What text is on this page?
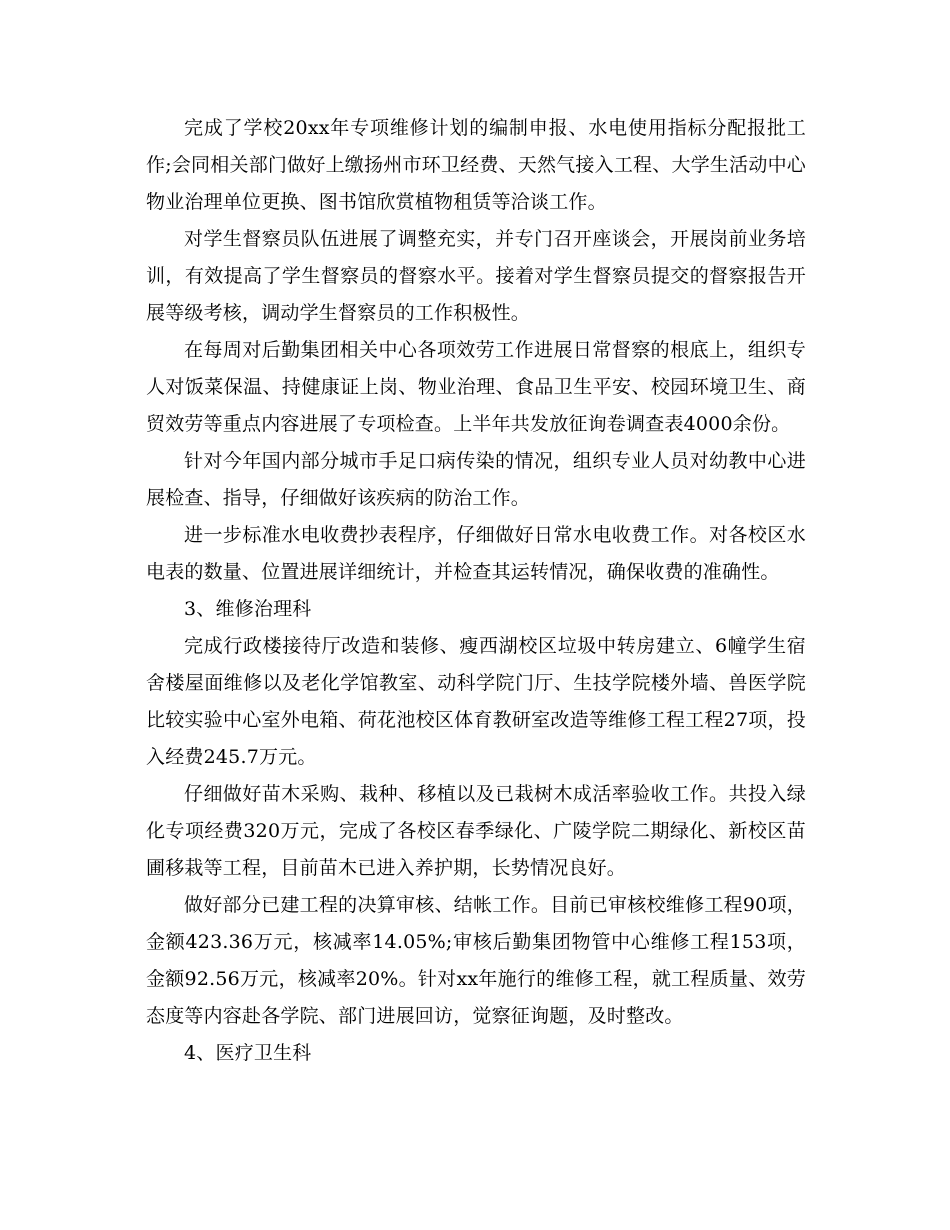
完成了学校20xx年专项维修计划的编制申报、水电使用指标分配报批工作;会同相关部门做好上缴扬州市环卫经费、天然气接入工程、大学生活动中心物业治理单位更换、图书馆欣赏植物租赁等洽谈工作。

对学生督察员队伍进展了调整充实，并专门召开座谈会，开展岗前业务培训，有效提高了学生督察员的督察水平。接着对学生督察员提交的督察报告开展等级考核，调动学生督察员的工作积极性。

在每周对后勤集团相关中心各项效劳工作进展日常督察的根底上，组织专人对饭菜保温、持健康证上岗、物业治理、食品卫生平安、校园环境卫生、商贸效劳等重点内容进展了专项检查。上半年共发放征询卷调查表4000余份。

针对今年国内部分城市手足口病传染的情况，组织专业人员对幼教中心进展检查、指导，仔细做好该疾病的防治工作。

进一步标准水电收费抄表程序，仔细做好日常水电收费工作。对各校区水电表的数量、位置进展详细统计，并检查其运转情况，确保收费的准确性。

3、维修治理科

完成行政楼接待厅改造和装修、瘦西湖校区垃圾中转房建立、6幢学生宿舍楼屋面维修以及老化学馆教室、动科学院门厅、生技学院楼外墙、兽医学院比较实验中心室外电箱、荷花池校区体育教研室改造等维修工程工程27项，投入经费245.7万元。

仔细做好苗木采购、栽种、移植以及已栽树木成活率验收工作。共投入绿化专项经费320万元，完成了各校区春季绿化、广陵学院二期绿化、新校区苗圃移栽等工程，目前苗木已进入养护期，长势情况良好。

做好部分已建工程的决算审核、结帐工作。目前已审核校维修工程90项，金额423.36万元，核减率14.05%;审核后勤集团物管中心维修工程153项，金额92.56万元，核减率20%。针对xx年施行的维修工程，就工程质量、效劳态度等内容赴各学院、部门进展回访，觉察征询题，及时整改。

4、医疗卫生科
